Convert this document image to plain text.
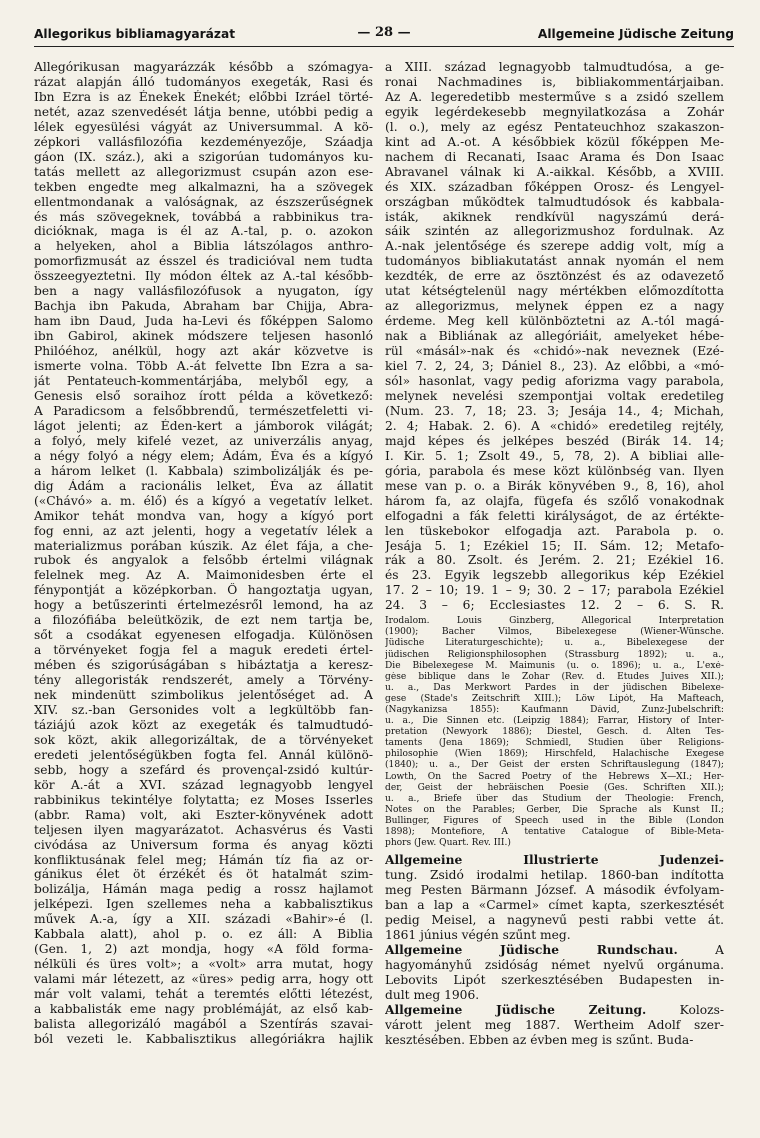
Allegorikus bibliamagyarázat	— 28 —	Allgemeine Jüdische Zeitung

Allegórikusan magyarázzák később a szómagya-

rázat alapján álló tudományos exegeták, Rasi és

Ibn Ezra is az Énekek Énekét; előbbi Izráel törté-

netét, azaz szenvedését látja benne, utóbbi pedig a

lélek egyesülési vágyát az Universummal. A kö-

zépkori vallásfilozófia kezdeményezője, Száadja

gáon (IX. száz.), aki a szigorúan tudományos ku-

tatás mellett az allegorizmust csupán azon ese-

tekben engedte meg alkalmazni, ha a szövegek

ellentmondanak a valóságnak, az észszerűségnek

és más szövegeknek, továbbá a rabbinikus tra-

dicióknak, maga is él az A.-tal, p. o. azokon

a helyeken, ahol a Biblia látszólagos anthro-

pomorfizmusát az ésszel és tradicióval nem tudta

összeegyeztetni. Ily módon éltek az A.-tal később-

ben a nagy vallásfilozófusok a nyugaton, így

Bachja ibn Pakuda, Abraham bar Chijja, Abra-

ham ibn Daud, Juda ha-Levi és főképpen Salomo

ibn Gabirol, akinek módszere teljesen hasonló

Philóéhoz, anélkül, hogy azt akár közvetve is

ismerte volna. Több A.-át felvette Ibn Ezra a sa-

ját Pentateuch-kommentárjába, melyből egy, a

Genesis első soraihoz írott példa a következő:

A Paradicsom a felsőbbrendű, természetfeletti vi-

lágot jelenti; az Éden-kert a jámborok világát;

a folyó, mely kifelé vezet, az univerzális anyag,

a négy folyó a négy elem; Ádám, Éva és a kígyó

a három lelket (l. Kabbala) szimbolizálják és pe-

dig Ádám a racionális lelket, Éva az állatit

(«Chávó» a. m. élő) és a kígyó a vegetatív lelket.

Amikor tehát mondva van, hogy a kígyó port

fog enni, az azt jelenti, hogy a vegetatív lélek a

materializmus porában kúszik. Az élet fája, a che-

rubok és angyalok a felsőbb értelmi világnak

felelnek meg. Az A. Maimonidesben érte el

fénypontját a középkorban. Ő hangoztatja ugyan,

hogy a betűszerinti értelmezésről lemond, ha az

a filozófiába beleütközik, de ezt nem tartja be,

sőt a csodákat egyenesen elfogadja. Különösen

a törvényeket fogja fel a maguk eredeti értel-

mében és szigorúságában s hibáztatja a keresz-

tény allegoristák rendszerét, amely a Törvény-

nek mindenütt szimbolikus jelentőséget ad. A

XIV. sz.-ban Gersonides volt a legkültöbb fan-

táziájú azok közt az exegeták és talmudtudó-

sok közt, akik allegorizáltak, de a törvényeket

eredeti jelentőségükben fogta fel. Annál különö-

sebb, hogy a szefárd és provençal-zsidó kultúr-

kör A.-át a XVI. század legnagyobb lengyel

rabbinikus tekintélye folytatta; ez Moses Isserles

(abbr. Rama) volt, aki Eszter-könyvének adott

teljesen ilyen magyarázatot. Achasvérus és Vasti

civódása az Universum forma és anyag közti

konfliktusának felel meg; Hámán tíz fia az or-

gánikus élet öt érzékét és öt hatalmát szim-

bolizálja, Hámán maga pedig a rossz hajlamot

jelképezi. Igen szellemes neha a kabbalisztikus

művek A.-a, így a XII. századi «Bahir»-é (l.

Kabbala alatt), ahol p. o. ez áll: A Biblia

(Gen. 1, 2) azt mondja, hogy «A föld forma-

nélküli és üres volt»; a «volt» arra mutat, hogy

valami már létezett, az «üres» pedig arra, hogy ott

már volt valami, tehát a teremtés előtti létezést,

a kabbalisták eme nagy problémáját, az első kab-

balista allegorizáló magából a Szentírás szavai-

ból vezeti le. Kabbalisztikus allegóriákra hajlik

a XIII. század legnagyobb talmudtudósa, a ge-

ronai Nachmadines is, bibliakommentárjaiban.

Az A. legeredetibb mesterműve s a zsidó szellem

egyik legérdekesebb megnyilatkozása a Zohár

(l. o.), mely az egész Pentateuchhoz szakaszon-

kint ad A.-ot. A későbbiek közül főképpen Me-

nachem di Recanati, Isaac Arama és Don Isaac

Abravanel válnak ki A.-aikkal. Később, a XVIII.

és XIX. században főképpen Orosz- és Lengyel-

országban működtek talmudtudósok és kabbala-

isták, akiknek rendkívül nagyszámú derá-

sáik szintén az allegorizmushoz fordulnak. Az

A.-nak jelentősége és szerepe addig volt, míg a

tudományos bibliakutatást annak nyomán el nem

kezdték, de erre az ösztönzést és az odavezető

utat kétségtelenül nagy mértékben előmozdította

az allegorizmus, melynek éppen ez a nagy

érdeme. Meg kell különböztetni az A.-tól magá-

nak a Bibliának az allegóriáit, amelyeket hébe-

rül «másál»-nak és «chidó»-nak neveznek (Ezé-

kiel 7. 2, 24, 3; Dániel 8., 23). Az előbbi, a «mó-

sól» hasonlat, vagy pedig aforizma vagy parabola,

melynek nevelési szempontjai voltak eredetileg

(Num. 23. 7, 18; 23. 3; Jesája 14., 4; Michah,

2. 4; Habak. 2. 6). A «chidó» eredetileg rejtély,

majd képes és jelképes beszéd (Birák 14. 14;

I. Kir. 5. 1; Zsolt 49., 5, 78, 2). A bibliai alle-

gória, parabola és mese közt különbség van. Ilyen

mese van p. o. a Birák könyvében 9., 8, 16), ahol

három fa, az olajfa, fügefa és szőlő vonakodnak

elfogadni a fák feletti királyságot, de az értékte-

len tüskebokor elfogadja azt. Parabola p. o.

Jesája 5. 1; Ezékiel 15; II. Sám. 12; Metafo-

rák a 80. Zsolt. és Jerém. 2. 21; Ezékiel 16.

és 23. Egyik legszebb allegorikus kép Ezékiel

17. 2 – 10; 19. 1 – 9; 30. 2 – 17; parabola Ezékiel

24. 3 – 6; Ecclesiastes 12. 2 – 6. S. R.

Irodalom. Louis Ginzberg, Allegorical Interpretation

(1900); Bacher Vilmos, Bibelexegese (Wiener-Wünsche.

Jüdische Literaturgeschichte); u. a., Bibelexegese der

jüdischen Religionsphilosophen (Strassburg 1892); u. a.,

Die Bibelexegese M. Maimunis (u. o. 1896); u. a., L'exé-

gèse biblique dans le Zohar (Rev. d. Études Juives XII.);

u. a., Das Merkwort Pardes in der jüdischen Bibelexe-

gese (Stade's Zeitschrift XIII.); Löw Lipót, Ha Mafteach,

(Nagykanizsa 1855): Kaufmann Dávid, Zunz-Jubelschrift:

u. a., Die Sinnen etc. (Leipzig 1884); Farrar, History of Inter-

pretation (Newyork 1886); Diestel, Gesch. d. Alten Tes-

taments (Jena 1869); Schmiedl, Studien über Religions-

philosophie (Wien 1869); Hirschfeld, Halachische Exegese

(1840); u. a., Der Geist der ersten Schriftauslegung (1847);

Lowth, On the Sacred Poetry of the Hebrews X—XI.; Her-

der, Geist der hebräischen Poesie (Ges. Schriften XII.);

u. a., Briefe über das Studium der Theologie: French,

Notes on the Parables; Gerber, Die Sprache als Kunst II.;

Bullinger, Figures of Speech used in the Bible (London

1898); Montefiore, A tentative Catalogue of Bible-Meta-

phors (Jew. Quart. Rev. III.)

Allgemeine Illustrierte Judenzei-

tung. Zsidó irodalmi hetilap. 1860-ban indította

meg Pesten Bärmann József. A második évfolyam-

ban a lap a «Carmel» címet kapta, szerkesztését

pedig Meisel, a nagynevű pesti rabbi vette át.

1861 június végén szűnt meg.

Allgemeine Jüdische Rundschau. A

hagyományhű zsidóság német nyelvű orgánuma.

Lebovits Lipót szerkesztésében Budapesten in-

dult meg 1906.

Allgemeine Jüdische Zeitung. Kolozs-

várott jelent meg 1887. Wertheim Adolf szer-

kesztésében. Ebben az évben meg is szűnt. Buda-
